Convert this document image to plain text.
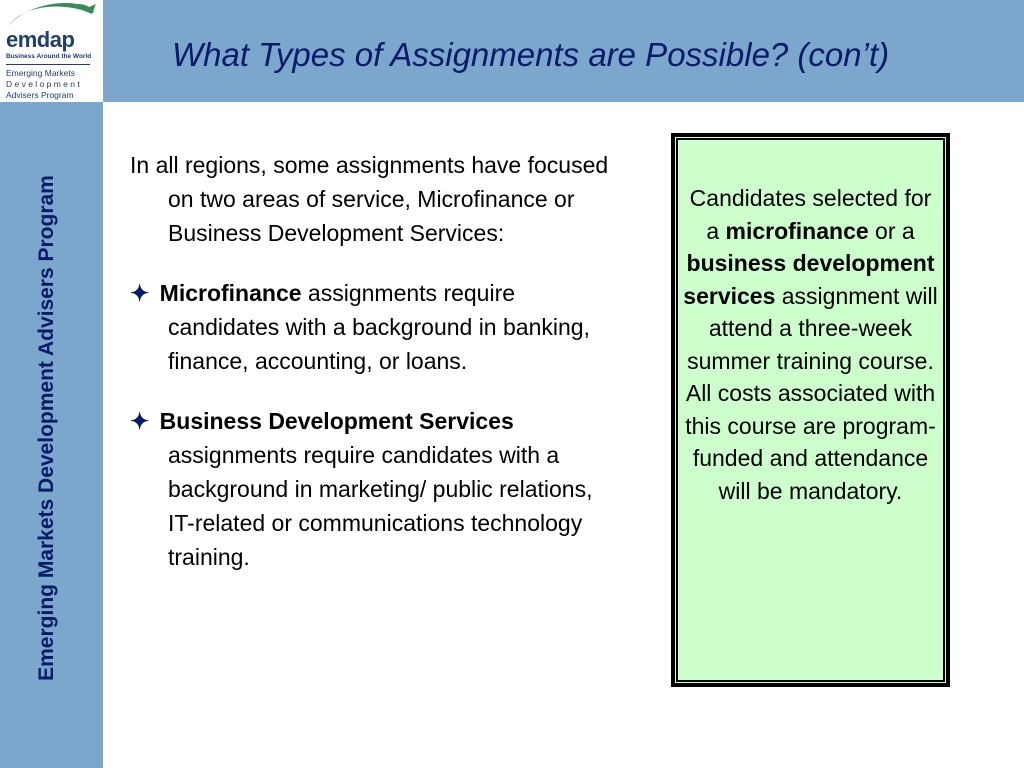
emdap
Business Around the World
Emerging Markets
D e v e l o p m e n t
Advisers Program
Emerging Markets Development Advisers Program
What Types of Assignments are Possible? (con’t)

In all regions, some assignments have focused on two areas of service, Microfinance or Business Development Services:

✦ Microfinance assignments require candidates with a background in banking, finance, accounting, or loans.

✦ Business Development Services assignments require candidates with a background in marketing/ public relations, IT-related or communications technology training.

Candidates selected for a microfinance or a business development services assignment will attend a three-week summer training course. All costs associated with this course are program-funded and attendance will be mandatory.
